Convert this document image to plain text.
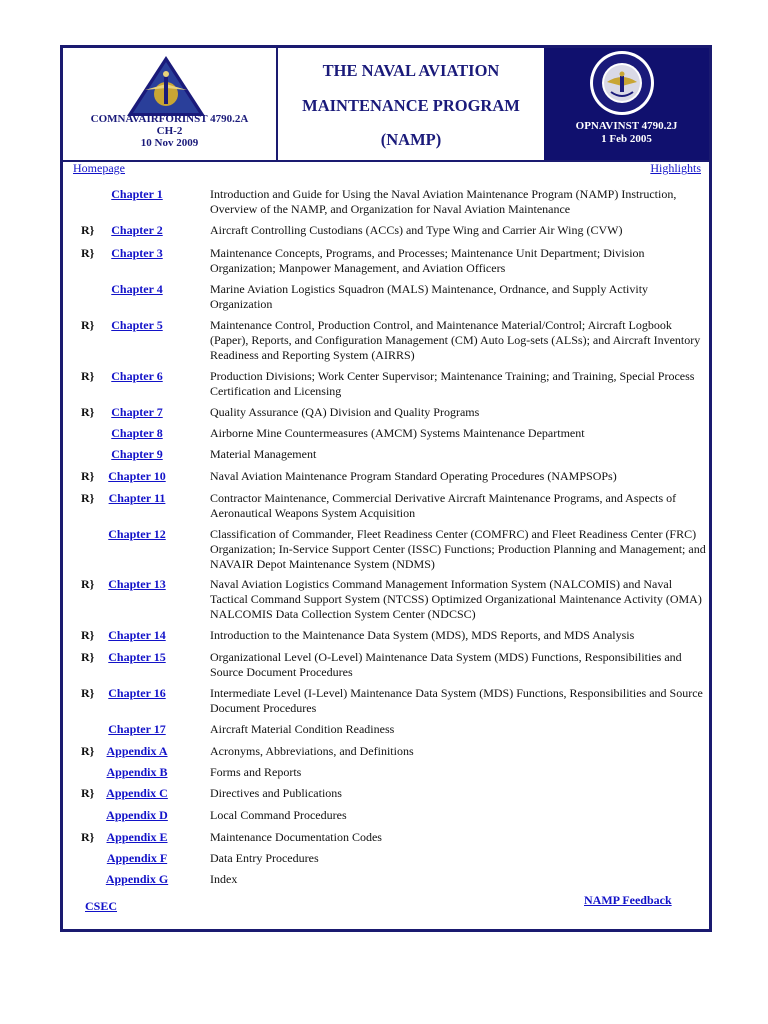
COMNAVAIRFORINST 4790.2A
CH-2
10 Nov 2009
THE NAVAL AVIATION
MAINTENANCE PROGRAM
(NAMP)
OPNAVINST 4790.2J
1 Feb 2005
Homepage	Highlights
Chapter 1	Introduction and Guide for Using the Naval Aviation Maintenance Program (NAMP) Instruction, Overview of the NAMP, and Organization for Naval Aviation Maintenance
R}	Chapter 2	Aircraft Controlling Custodians (ACCs) and Type Wing and Carrier Air Wing (CVW)
R}	Chapter 3	Maintenance Concepts, Programs, and Processes; Maintenance Unit Department; Division Organization; Manpower Management, and Aviation Officers
Chapter 4	Marine Aviation Logistics Squadron (MALS) Maintenance, Ordnance, and Supply Activity Organization
R}	Chapter 5	Maintenance Control, Production Control, and Maintenance Material/Control; Aircraft Logbook (Paper), Reports, and Configuration Management (CM) Auto Log-sets (ALSs); and Aircraft Inventory Readiness and Reporting System (AIRRS)
R}	Chapter 6	Production Divisions; Work Center Supervisor; Maintenance Training; and Training, Special Process Certification and Licensing
R}	Chapter 7	Quality Assurance (QA) Division and Quality Programs
Chapter 8	Airborne Mine Countermeasures (AMCM) Systems Maintenance Department
Chapter 9	Material Management
R}	Chapter 10	Naval Aviation Maintenance Program Standard Operating Procedures (NAMPSOPs)
R}	Chapter 11	Contractor Maintenance, Commercial Derivative Aircraft Maintenance Programs, and Aspects of Aeronautical Weapons System Acquisition
Chapter 12	Classification of Commander, Fleet Readiness Center (COMFRC) and Fleet Readiness Center (FRC) Organization; In-Service Support Center (ISSC) Functions; Production Planning and Management; and NAVAIR Depot Maintenance System (NDMS)
R}	Chapter 13	Naval Aviation Logistics Command Management Information System (NALCOMIS) and Naval Tactical Command Support System (NTCSS) Optimized Organizational Maintenance Activity (OMA) NALCOMIS Data Collection System Center (NDCSC)
R}	Chapter 14	Introduction to the Maintenance Data System (MDS), MDS Reports, and MDS Analysis
R}	Chapter 15	Organizational Level (O-Level) Maintenance Data System (MDS) Functions, Responsibilities and Source Document Procedures
R}	Chapter 16	Intermediate Level (I-Level) Maintenance Data System (MDS) Functions, Responsibilities and Source Document Procedures
Chapter 17	Aircraft Material Condition Readiness
R}	Appendix A	Acronyms, Abbreviations, and Definitions
Appendix B	Forms and Reports
R} Appendix C	Directives and Publications
Appendix D	Local Command Procedures
R}	Appendix E	Maintenance Documentation Codes
Appendix F	Data Entry Procedures
Appendix G	Index
CSEC	NAMP Feedback
